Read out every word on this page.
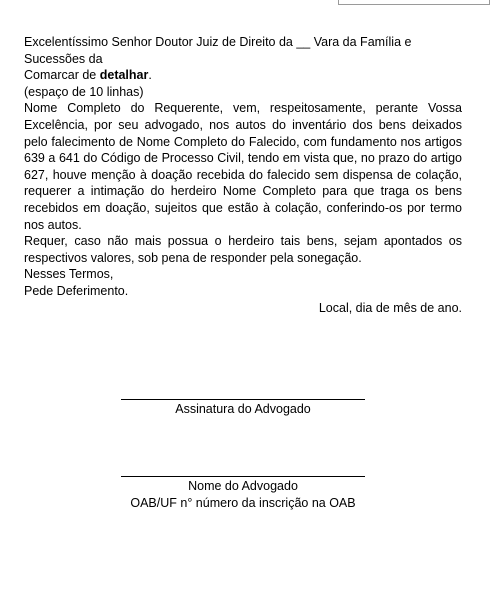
Excelentíssimo Senhor Doutor Juiz de Direito da __ Vara da Família e Sucessões da
Comarcar de detalhar.

(espaço de 10 linhas)

Nome Completo do Requerente, vem, respeitosamente, perante Vossa Excelência, por seu advogado, nos autos do inventário dos bens deixados pelo falecimento de Nome Completo do Falecido, com fundamento nos artigos 639 a 641 do Código de Processo Civil, tendo em vista que, no prazo do artigo 627, houve menção à doação recebida do falecido sem dispensa de colação, requerer a intimação do herdeiro Nome Completo para que traga os bens recebidos em doação, sujeitos que estão à colação, conferindo-os por termo nos autos.

Requer, caso não mais possua o herdeiro tais bens, sejam apontados os respectivos valores, sob pena de responder pela sonegação.

Nesses Termos,

Pede Deferimento.

Local, dia de mês de ano.

Assinatura do Advogado
Nome do Advogado
OAB/UF n° número da inscrição na OAB
